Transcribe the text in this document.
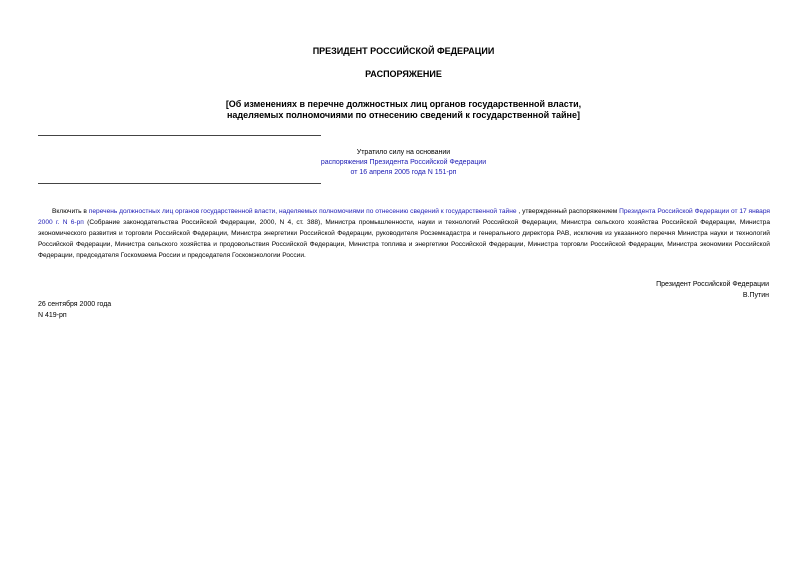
ПРЕЗИДЕНТ РОССИЙСКОЙ ФЕДЕРАЦИИ
РАСПОРЯЖЕНИЕ
[Об изменениях в перечне должностных лиц органов государственной власти,
наделяемых полномочиями по отнесению сведений к государственной тайне]
Утратило силу на основании
распоряжения Президента Российской Федерации
от 16 апреля 2005 года N 151-рп
Включить в перечень должностных лиц органов государственной власти, наделяемых полномочиями по отнесению сведений к государственной тайне , утвержденный распоряжением Президента Российской Федерации от 17 января 2000 г. N 6-рп (Собрание законодательства Российской Федерации, 2000, N 4, ст. 388), Министра промышленности, науки и технологий Российской Федерации, Министра сельского хозяйства Российской Федерации, Министра экономического развития и торговли Российской Федерации, Министра энергетики Российской Федерации, руководителя Росземкадастра и генерального директора РАВ, исключив из указанного перечня Министра науки и технологий Российской Федерации, Министра сельского хозяйства и продовольствия Российской Федерации, Министра топлива и энергетики Российской Федерации, Министра торговли Российской Федерации, Министра экономики Российской Федерации, председателя Госкомзема России и председателя Госкомэкологии России.
Президент Российской Федерации
В.Путин
26 сентября 2000 года
N 419-рп
